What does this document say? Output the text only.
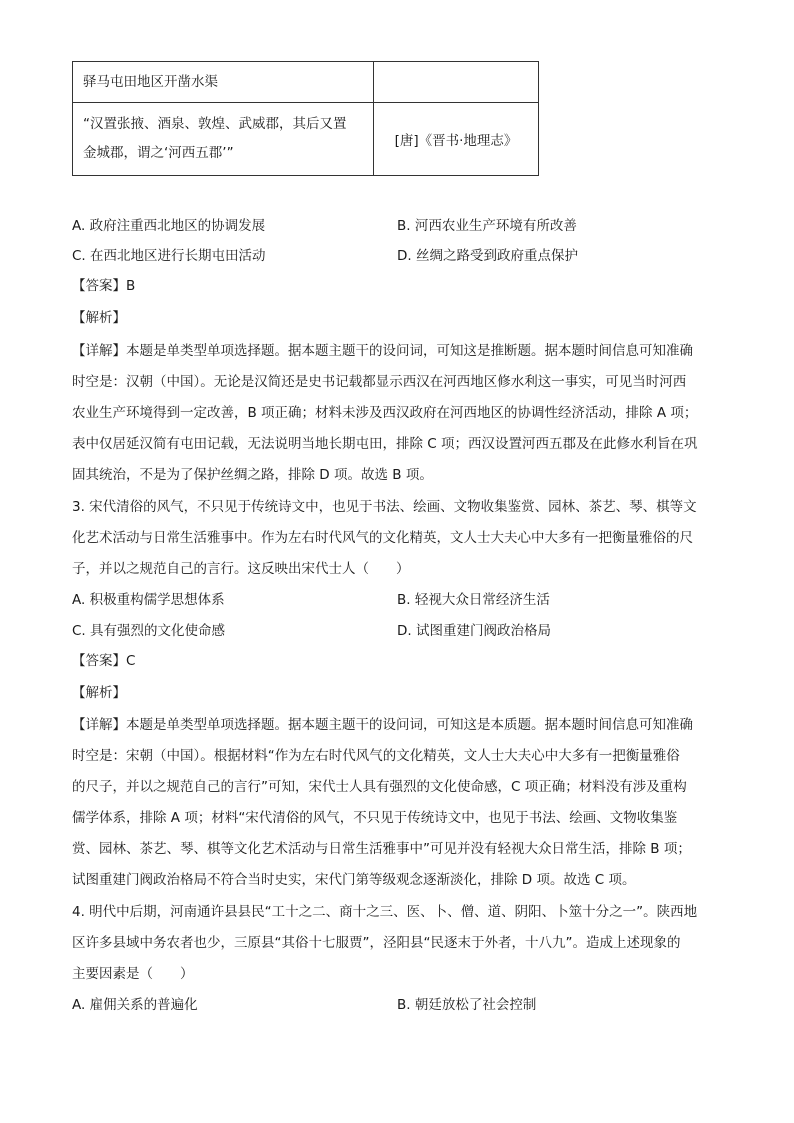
驿马屯田地区开凿水渠	

“汉置张掖、酒泉、敦煌、武威郡，其后又置
金城郡，谓之‘河西五郡’”	[唐]《晋书·地理志》
A. 政府注重西北地区的协调发展	B. 河西农业生产环境有所改善
C. 在西北地区进行长期屯田活动	D. 丝绸之路受到政府重点保护
【答案】B
【解析】
【详解】本题是单类型单项选择题。据本题主题干的设问词，可知这是推断题。据本题时间信息可知准确
时空是：汉朝（中国）。无论是汉简还是史书记载都显示西汉在河西地区修水利这一事实，可见当时河西
农业生产环境得到一定改善，B 项正确；材料未涉及西汉政府在河西地区的协调性经济活动，排除 A 项；
表中仅居延汉简有屯田记载，无法说明当地长期屯田，排除 C 项；西汉设置河西五郡及在此修水利旨在巩
固其统治，不是为了保护丝绸之路，排除 D 项。故选 B 项。
3. 宋代清俗的风气，不只见于传统诗文中，也见于书法、绘画、文物收集鉴赏、园林、茶艺、琴、棋等文
化艺术活动与日常生活雅事中。作为左右时代风气的文化精英，文人士大夫心中大多有一把衡量雅俗的尺
子，并以之规范自己的言行。这反映出宋代士人（　　）
A. 积极重构儒学思想体系	B. 轻视大众日常经济生活
C. 具有强烈的文化使命感	D. 试图重建门阀政治格局
【答案】C
【解析】
【详解】本题是单类型单项选择题。据本题主题干的设问词，可知这是本质题。据本题时间信息可知准确
时空是：宋朝（中国）。根据材料“作为左右时代风气的文化精英，文人士大夫心中大多有一把衡量雅俗
的尺子，并以之规范自己的言行”可知，宋代士人具有强烈的文化使命感，C 项正确；材料没有涉及重构
儒学体系，排除 A 项；材料“宋代清俗的风气，不只见于传统诗文中，也见于书法、绘画、文物收集鉴
赏、园林、茶艺、琴、棋等文化艺术活动与日常生活雅事中”可见并没有轻视大众日常生活，排除 B 项；
试图重建门阀政治格局不符合当时史实，宋代门第等级观念逐渐淡化，排除 D 项。故选 C 项。
4. 明代中后期，河南通许县县民“工十之二、商十之三、医、卜、僧、道、阴阳、卜筮十分之一”。陕西地
区许多县域中务农者也少，三原县“其俗十七服贾”，泾阳县“民逐末于外者，十八九”。造成上述现象的
主要因素是（　　）
A. 雇佣关系的普遍化	B. 朝廷放松了社会控制
